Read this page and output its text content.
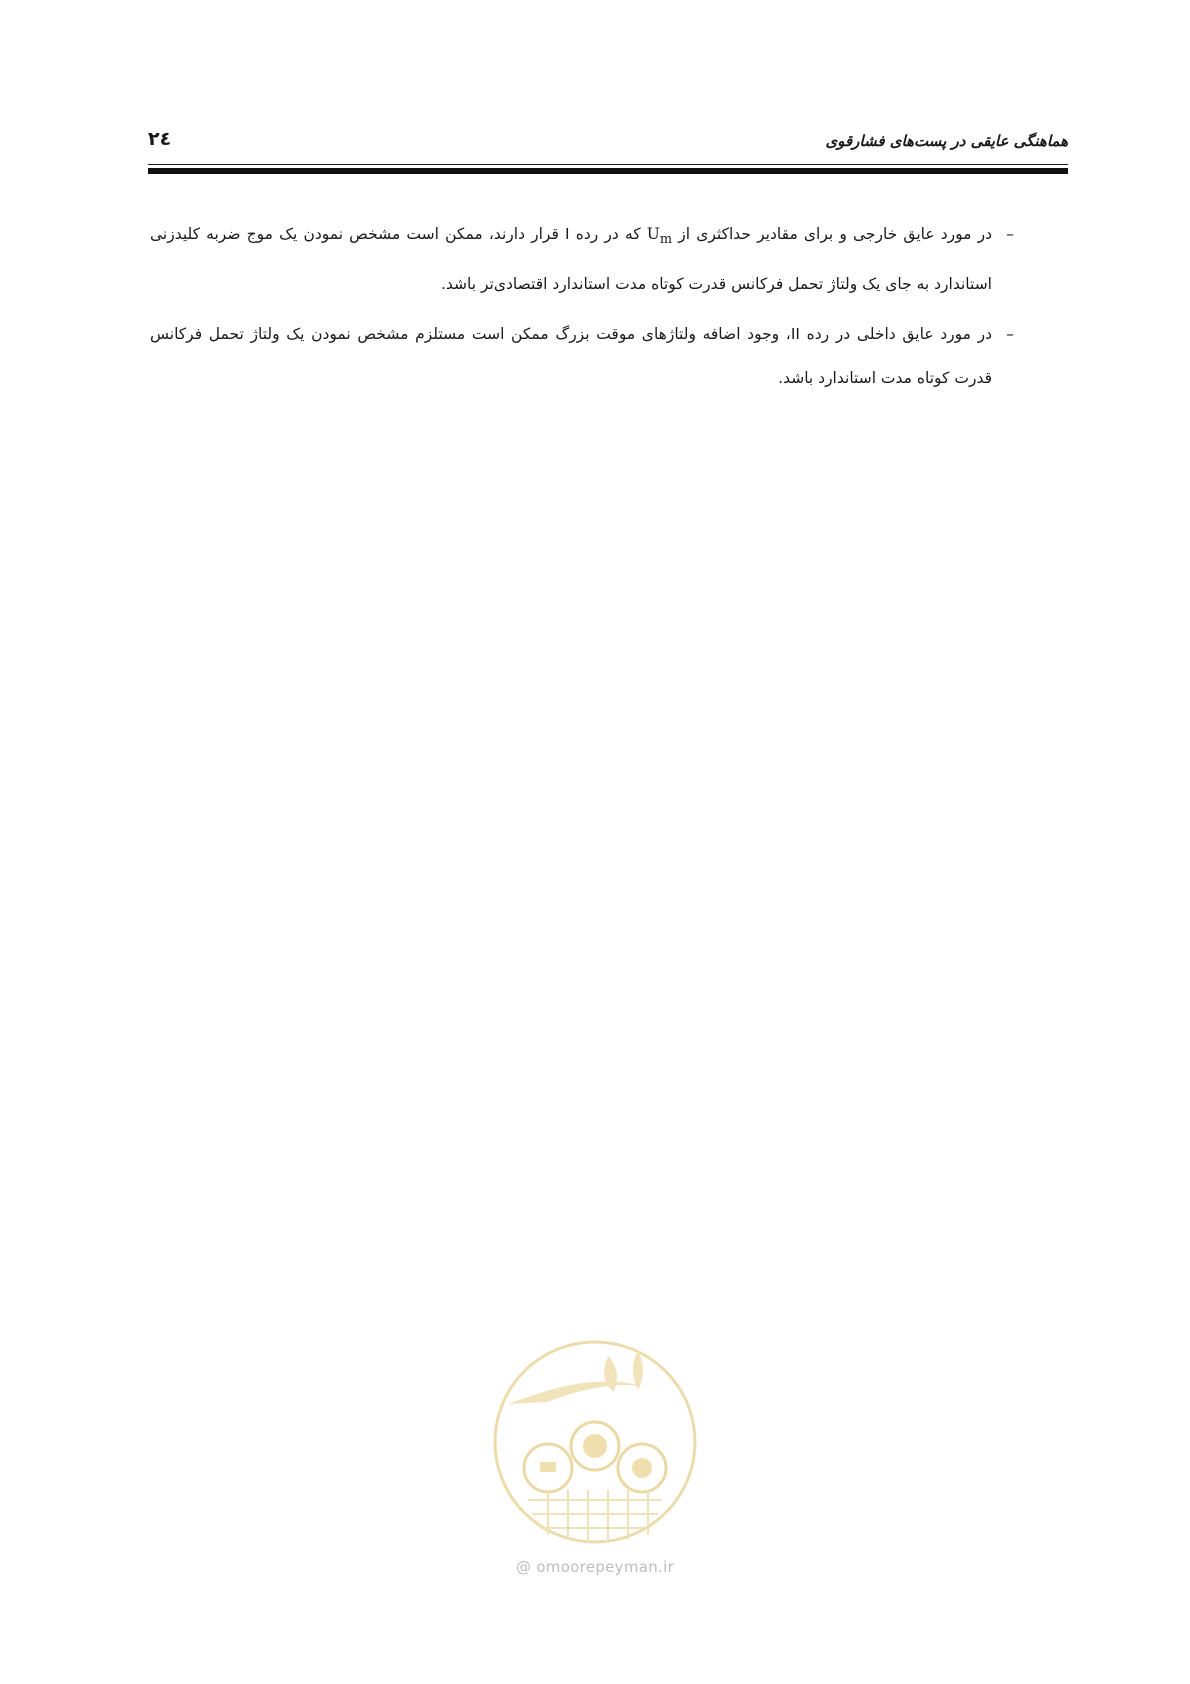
هماهنگی عایقی در پست‌های فشارقوی
۲٤
–
در مورد عایق خارجی و برای مقادیر حداکثری از $U_m$ که در رده I قرار دارند، ممکن است مشخص نمودن یک موج ضربه کلیدزنی استاندارد به جای یک ولتاژ تحمل فرکانس قدرت کوتاه مدت استاندارد اقتصادی‌تر باشد.
–
در مورد عایق داخلی در رده II، وجود اضافه ولتاژهای موقت بزرگ ممکن است مستلزم مشخص نمودن یک ولتاژ تحمل فرکانس قدرت کوتاه مدت استاندارد باشد.
@ omoorepeyman.ir
